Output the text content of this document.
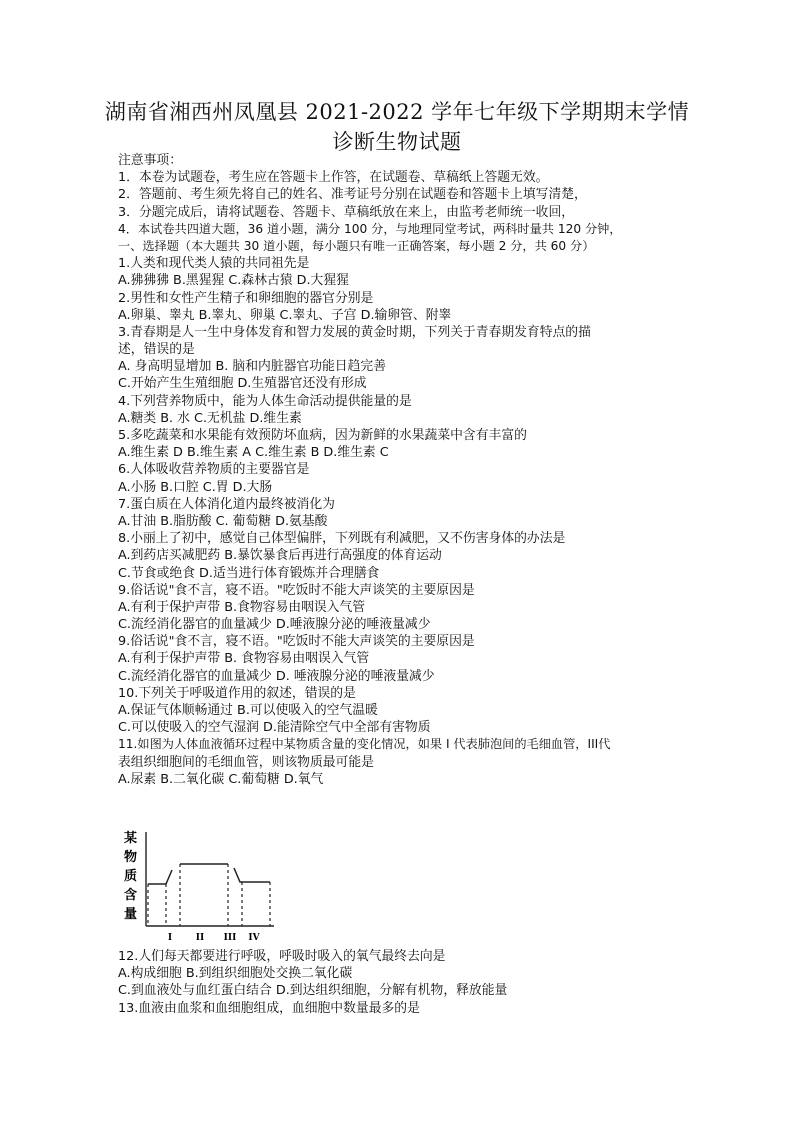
湖南省湘西州凤凰县 2021-2022 学年七年级下学期期末学情
诊断生物试题
注意事项：
1．本卷为试题卷，考生应在答题卡上作答，在试题卷、草稿纸上答题无效。
2．答题前、考生须先将自己的姓名、准考证号分别在试题卷和答题卡上填写清楚，
3．分题完成后，请将试题卷、答题卡、草稿纸放在来上，由监考老师统一收回，
4．本试卷共四道大题，36 道小题，满分 100 分，与地理同堂考试，两科时量共 120 分钟，
一、选择题（本大题共 30 道小题，每小题只有唯一正确答案，每小题 2 分，共 60 分）
1.人类和现代类人猿的共同祖先是
A.狒狒狒 B.黑猩猩 C.森林古猿 D.大猩猩
2.男性和女性产生精子和卵细胞的器官分别是
A.卵巢、睾丸 B.睾丸、卵巢 C.睾丸、子宫 D.输卵管、附睾
3.青春期是人一生中身体发育和智力发展的黄金时期，下列关于青春期发育特点的描
述，错误的是
A. 身高明显增加 B. 脑和内脏器官功能日趋完善
C.开始产生生殖细胞 D.生殖器官还没有形成
4.下列营养物质中，能为人体生命活动提供能量的是
A.糖类 B. 水 C.无机盐 D.维生素
5.多吃蔬菜和水果能有效预防坏血病，因为新鲜的水果蔬菜中含有丰富的
A.维生素 D B.维生素 A C.维生素 B D.维生素 C
6.人体吸收营养物质的主要器官是
A.小肠 B.口腔 C.胃 D.大肠
7.蛋白质在人体消化道内最终被消化为
A.甘油 B.脂肪酸 C. 葡萄糖 D.氨基酸
8.小丽上了初中，感觉自己体型偏胖，下列既有利减肥，又不伤害身体的办法是
A.到药店买减肥药 B.暴饮暴食后再进行高强度的体育运动
C.节食或绝食 D.适当进行体育锻炼并合理膳食
9.俗话说"食不言，寝不语。"吃饭时不能大声谈笑的主要原因是
A.有利于保护声带 B.食物容易由咽误入气管
C.流经消化器官的血量减少 D.唾液腺分泌的唾液量减少
9.俗话说"食不言，寝不语。"吃饭时不能大声谈笑的主要原因是
A.有利于保护声带 B. 食物容易由咽误入气管
C.流经消化器官的血量减少 D. 唾液腺分泌的唾液量减少
10.下列关于呼吸道作用的叙述，错误的是
A.保证气体顺畅通过 B.可以使吸入的空气温暖
C.可以使吸入的空气湿润 D.能清除空气中全部有害物质
11.如图为人体血液循环过程中某物质含量的变化情况，如果 I 代表肺泡间的毛细血管，III代
表组织细胞间的毛细血管，则该物质最可能是
A.尿素 B.二氧化碳 C.葡萄糖 D.氧气
某
物
质
含
量
I	II III IV
12.人们每天都要进行呼吸，呼吸时吸入的氧气最终去向是
A.构成细胞 B.到组织细胞处交换二氧化碳
C.到血液处与血红蛋白结合 D.到达组织细胞，分解有机物，释放能量
13.血液由血浆和血细胞组成，血细胞中数量最多的是
